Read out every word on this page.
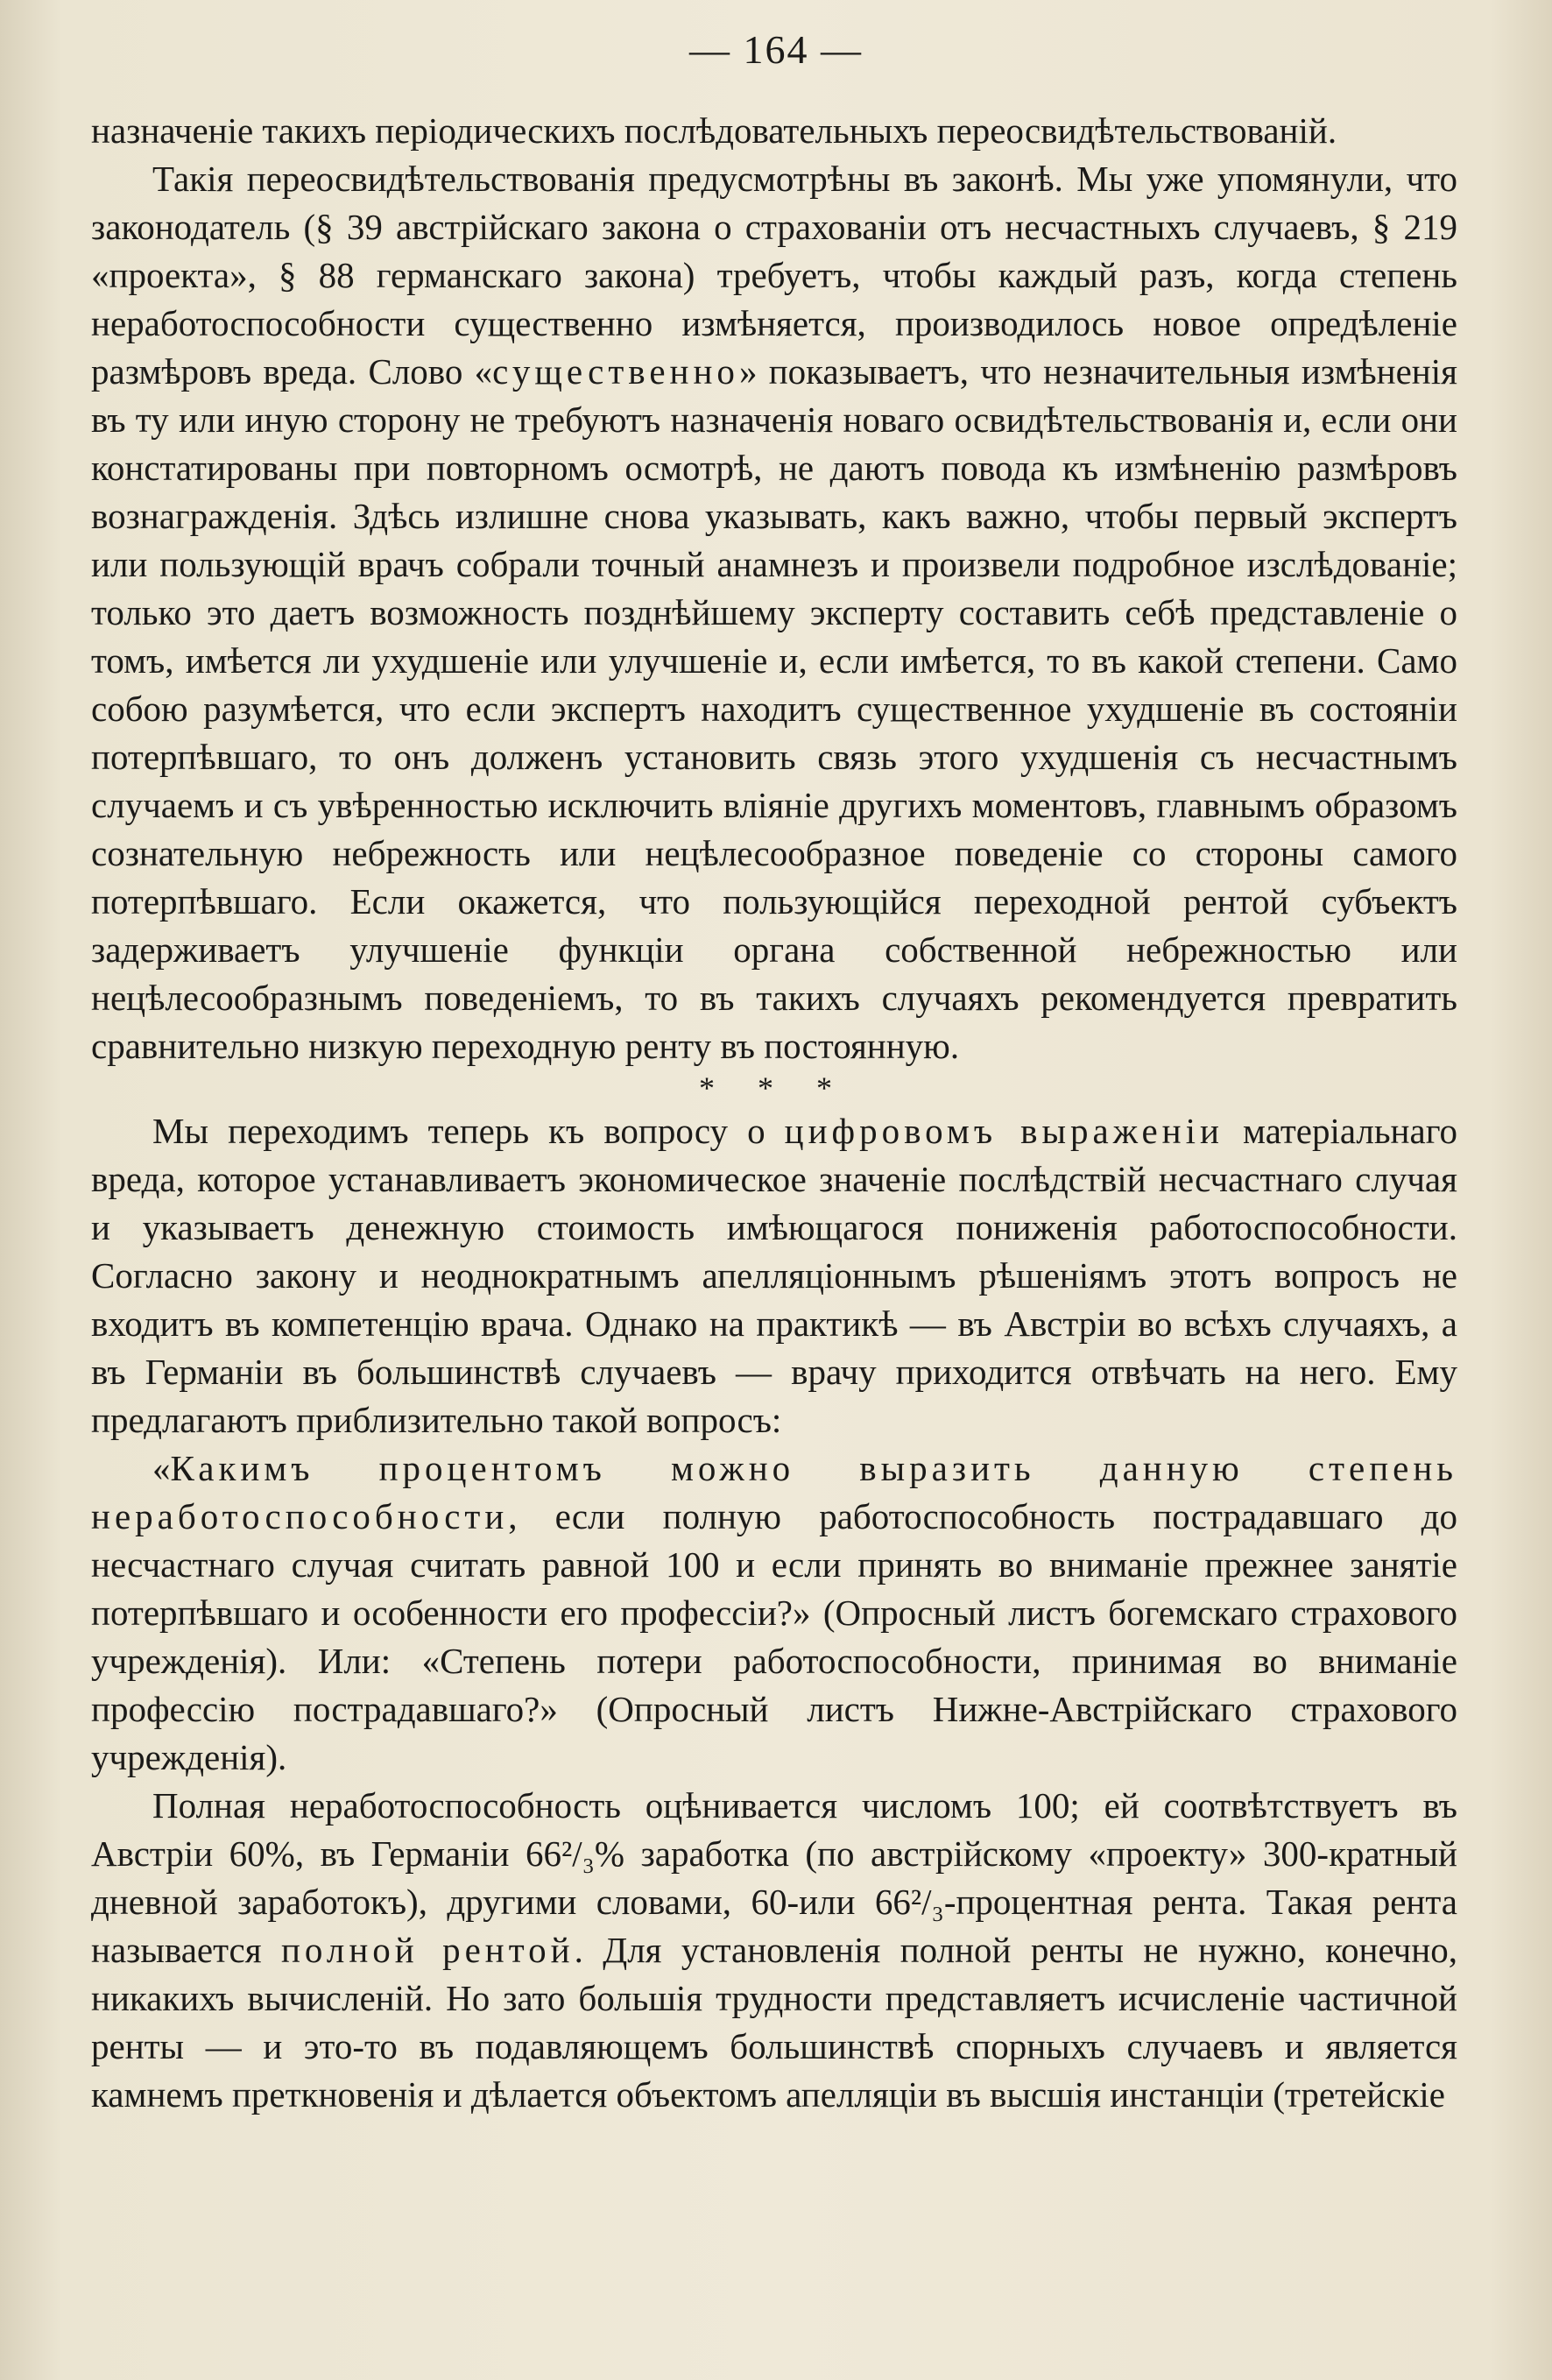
— 164 —

назначеніе такихъ періодическихъ послѣдовательныхъ переосвидѣтельствованій.

Такія переосвидѣтельствованія предусмотрѣны въ законѣ. Мы уже упомянули, что законодатель (§ 39 австрійскаго закона о страхованіи отъ несчастныхъ случаевъ, § 219 «проекта», § 88 германскаго закона) требуетъ, чтобы каждый разъ, когда степень неработоспособности существенно измѣняется, производилось новое опредѣленіе размѣровъ вреда. Слово «существенно» показываетъ, что незначительныя измѣненія въ ту или иную сторону не требуютъ назначенія новаго освидѣтельствованія и, если они констатированы при повторномъ осмотрѣ, не даютъ повода къ измѣненію размѣровъ вознагражденія. Здѣсь излишне снова указывать, какъ важно, чтобы первый экспертъ или пользующій врачъ собрали точный анамнезъ и произвели подробное изслѣдованіе; только это даетъ возможность позднѣйшему эксперту составить себѣ представленіе о томъ, имѣется ли ухудшеніе или улучшеніе и, если имѣется, то въ какой степени. Само собою разумѣется, что если экспертъ находитъ существенное ухудшеніе въ состояніи потерпѣвшаго, то онъ долженъ установить связь этого ухудшенія съ несчастнымъ случаемъ и съ увѣренностью исключить вліяніе другихъ моментовъ, главнымъ образомъ сознательную небрежность или нецѣлесообразное поведеніе со стороны самого потерпѣвшаго. Если окажется, что пользующійся переходной рентой субъектъ задерживаетъ улучшеніе функціи органа собственной небрежностью или нецѣлесообразнымъ поведеніемъ, то въ такихъ случаяхъ рекомендуется превратить сравнительно низкую переходную ренту въ постоянную.

* * *

Мы переходимъ теперь къ вопросу о цифровомъ выраженіи матеріальнаго вреда, которое устанавливаетъ экономическое значеніе послѣдствій несчастнаго случая и указываетъ денежную стоимость имѣющагося пониженія работоспособности. Согласно закону и неоднократнымъ апелляціоннымъ рѣшеніямъ этотъ вопросъ не входитъ въ компетенцію врача. Однако на практикѣ — въ Австріи во всѣхъ случаяхъ, а въ Германіи въ большинствѣ случаевъ — врачу приходится отвѣчать на него. Ему предлагаютъ приблизительно такой вопросъ:

«Какимъ процентомъ можно выразить данную степень неработоспособности, если полную работоспособность пострадавшаго до несчастнаго случая считать равной 100 и если принять во вниманіе прежнее занятіе потерпѣвшаго и особенности его профессіи?» (Опросный листъ богемскаго страхового учрежденія). Или: «Степень потери работоспособности, принимая во вниманіе профессію пострадавшаго?» (Опросный листъ Нижне-Австрійскаго страхового учрежденія).

Полная неработоспособность оцѣнивается числомъ 100; ей соотвѣтствуетъ въ Австріи 60%, въ Германіи 66²/₃% заработка (по австрійскому «проекту» 300-кратный дневной заработокъ), другими словами, 60-или 66²/₃-процентная рента. Такая рента называется полной рентой. Для установленія полной ренты не нужно, конечно, никакихъ вычисленій. Но зато большія трудности представляетъ исчисленіе частичной ренты — и это-то въ подавляющемъ большинствѣ спорныхъ случаевъ и является камнемъ преткновенія и дѣлается объектомъ апелляціи въ высшія инстанціи (третейскіе
